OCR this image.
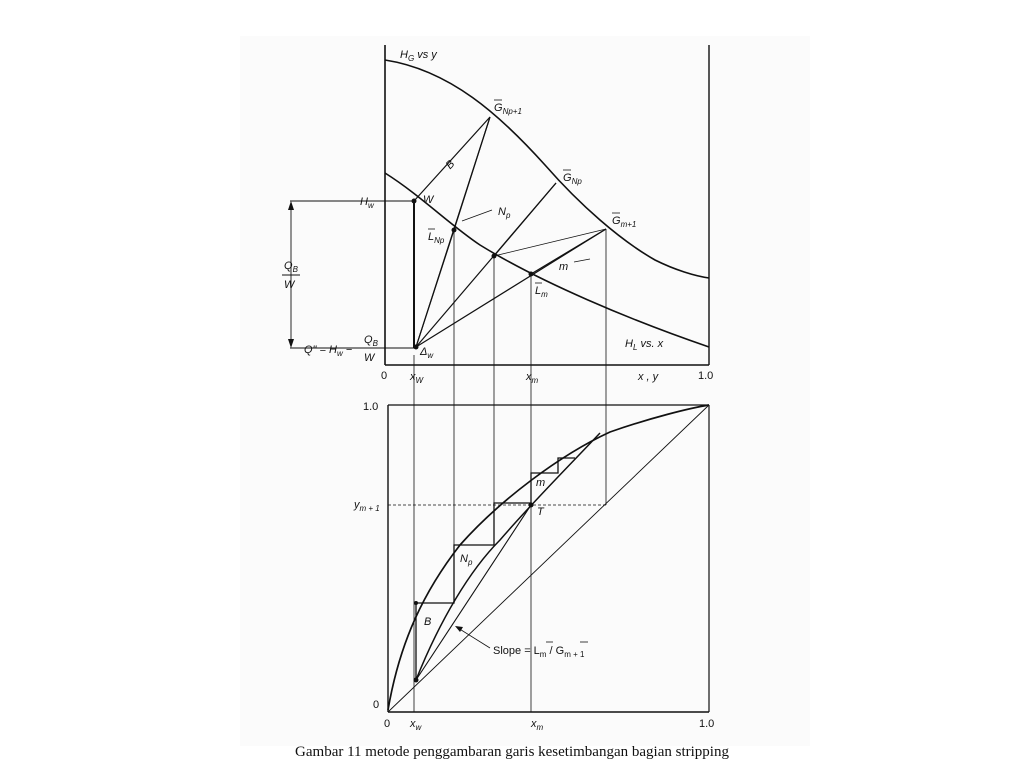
$H_G$ vs y
$H_L$ vs. x
$H_w$	W
B
$N_p$
m
$\Delta_w$
$G_{Np+1}$
$G_{Np}$
$G_{m+1}$
$L_{Np}$
$L_m$
$Q_B$
W
Q" = $H_w$ −
$Q_B$
W
0 $x_W$	$x_m$	x , y	1.0
1.0
0
$y_{m + 1}$	T
m
$N_p$
B
Slope = $L_m / G_{m + 1}$
0 $x_w$	$x_m$	1.0
Gambar 11 metode penggambaran garis kesetimbangan bagian stripping
